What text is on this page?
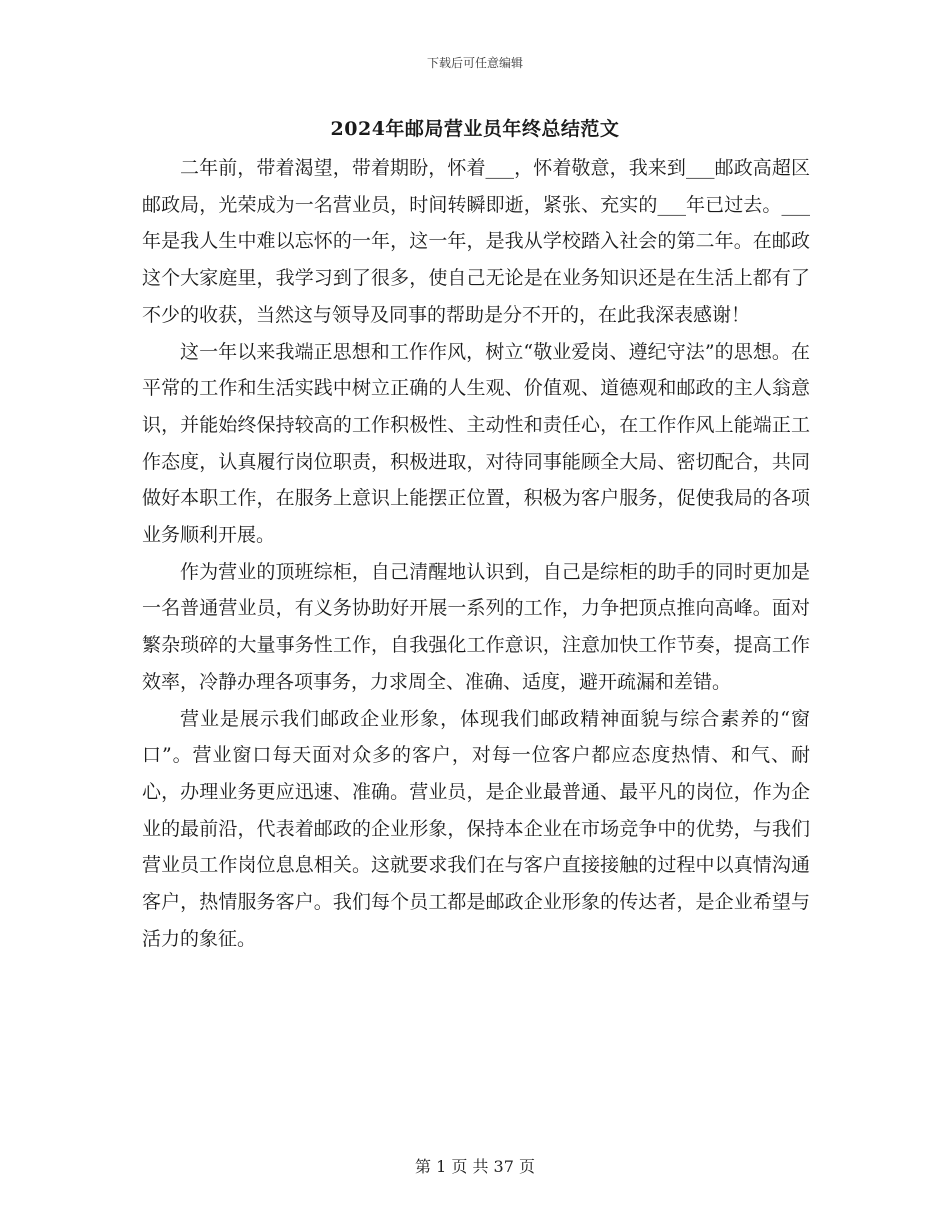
下载后可任意编辑
2024年邮局营业员年终总结范文

二年前，带着渴望，带着期盼，怀着___，怀着敬意，我来到___邮政高超区邮政局，光荣成为一名营业员，时间转瞬即逝，紧张、充实的___年已过去。___年是我人生中难以忘怀的一年，这一年，是我从学校踏入社会的第二年。在邮政这个大家庭里，我学习到了很多，使自己无论是在业务知识还是在生活上都有了不少的收获，当然这与领导及同事的帮助是分不开的，在此我深表感谢！

这一年以来我端正思想和工作作风，树立“敬业爱岗、遵纪守法”的思想。在平常的工作和生活实践中树立正确的人生观、价值观、道德观和邮政的主人翁意识，并能始终保持较高的工作积极性、主动性和责任心，在工作作风上能端正工作态度，认真履行岗位职责，积极进取，对待同事能顾全大局、密切配合，共同做好本职工作，在服务上意识上能摆正位置，积极为客户服务，促使我局的各项业务顺利开展。

作为营业的顶班综柜，自己清醒地认识到，自己是综柜的助手的同时更加是一名普通营业员，有义务协助好开展一系列的工作，力争把顶点推向高峰。面对繁杂琐碎的大量事务性工作，自我强化工作意识，注意加快工作节奏，提高工作效率，冷静办理各项事务，力求周全、准确、适度，避开疏漏和差错。

营业是展示我们邮政企业形象，体现我们邮政精神面貌与综合素养的“窗口”。营业窗口每天面对众多的客户，对每一位客户都应态度热情、和气、耐心，办理业务更应迅速、准确。营业员，是企业最普通、最平凡的岗位，作为企业的最前沿，代表着邮政的企业形象，保持本企业在市场竞争中的优势，与我们营业员工作岗位息息相关。这就要求我们在与客户直接接触的过程中以真情沟通客户，热情服务客户。我们每个员工都是邮政企业形象的传达者，是企业希望与活力的象征。

第 1 页 共 37 页
